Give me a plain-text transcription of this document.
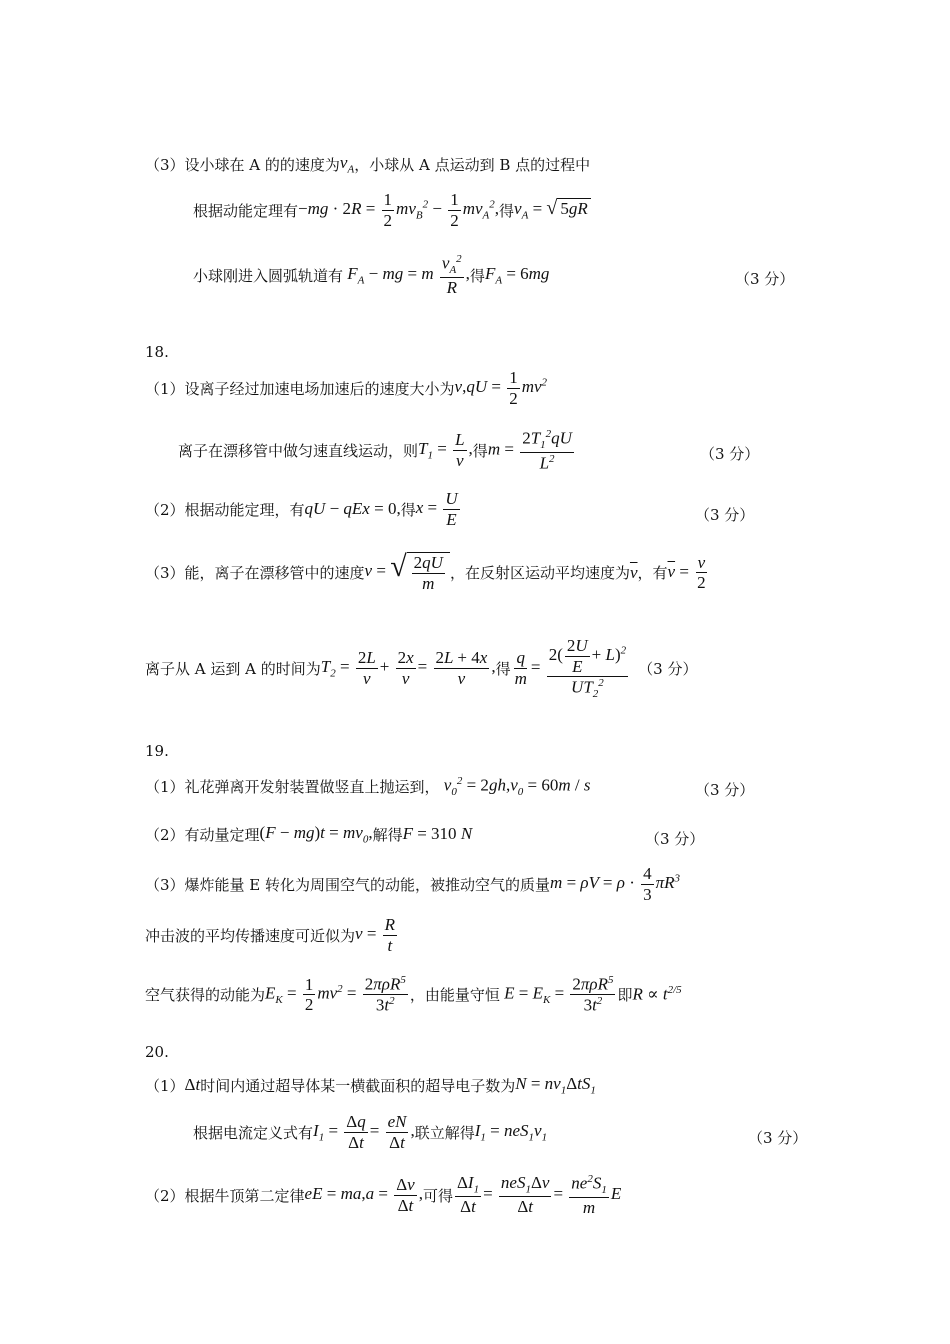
（3）设小球在 A 的的速度为 $v_A$ ，小球从 A 点运动到 B 点的过程中
根据动能定理有 $-mg \cdot 2R = \frac{1}{2} mv_B^2 - \frac{1}{2} mv_A^2$, 得 $v_A$ = √ 5 gR
小球刚进入圆弧轨道有 $F_A$ − mg = m $\frac{v_A^2}{R}$ , 得 $F_A = 6mg$	（3 分）
18.
（1）设离子经过加速电场加速后的速度大小为 $v,qU = \frac{1}{2} mv^2$
离子在漂移管中做匀速直线运动，则 $T_1 = \frac{L}{v}$ , 得 $m = \frac{2T_1^2qU}{L^2}$	（3 分）
（2）根据动能定理，有 qU − qEx = 0, 得 $x = \frac{U}{E}$	（3 分）
（3）能，离子在漂移管中的速度 v = √ $\frac{2qU}{m}$ ，在反射区运动平均速度为 $\overline{v}$ ，有 $\overline{v} = \frac{v}{2}$
离子从 A 运到 A 的时间为 $T_2 = \frac{2L}{v} + \frac{2x}{v} = \frac{2L + 4x}{v}$ , 得 $\frac{q}{m} = \frac{2( \frac{2U}{E} + L)^2}{UT_2^2} (3$ 分）
19.
（1）礼花弹离开发射装置做竖直上抛运到， $v_0^2 = 2gh,v_0 = 60m / s$	（3 分）
（2）有动量定理 $(F - mg)t = mv_0$, 解得 F = 310 N	（3 分）
（3）爆炸能量 E 转化为周围空气的动能，被推动空气的质量 $m = \rho V = \rho \cdot \frac{4}{3} \pi R^3$
冲击波的平均传播速度可近似为 $v = \frac{R}{t}$
空气获得的动能为 $E_K = \frac{1}{2} mv^2 = \frac{2\pi\rho R^5}{3t^2}$ ，由能量守恒 $E = E_K = \frac{2\pi\rho R^5}{3t^2}$ 即 $R \propto t^{2/5}$
20.
（1） Δt 时间内通过超导体某一横截面积的超导电子数为 $N = nv_1\Delta tS_1$
根据电流定义式有 $I_1 = \frac{\Delta q}{\Delta t} = \frac{eN}{\Delta t}$ , 联立解得 $I_1 = neS_1v_1$	（3 分）
（2）根据牛顶第二定律 eE = $ma,a = \frac{\Delta v}{\Delta t}$ , 可得 $\frac{\Delta I_1}{\Delta t} = \frac{neS_1\Delta v}{\Delta t} = \frac{ne^2S_1}{m}$ E
